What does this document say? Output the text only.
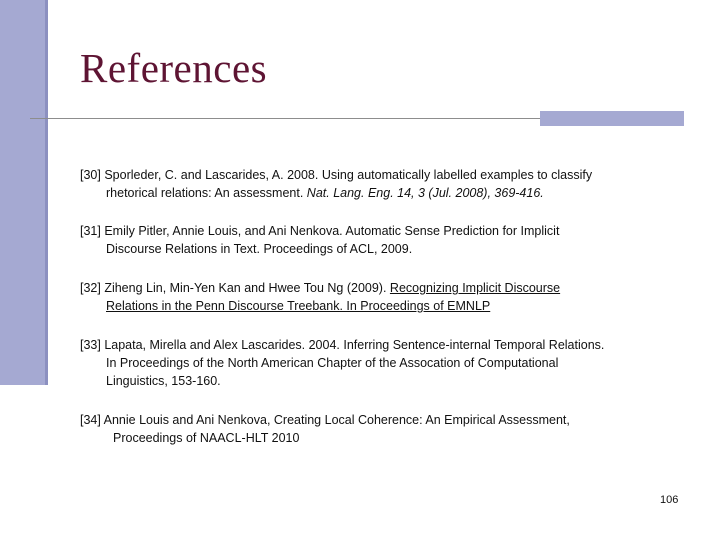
References
[30] Sporleder, C. and Lascarides, A. 2008. Using automatically labelled examples to classify
rhetorical relations: An assessment. Nat. Lang. Eng. 14, 3 (Jul. 2008), 369-416.
[31] Emily Pitler, Annie Louis, and Ani Nenkova. Automatic Sense Prediction for Implicit
Discourse Relations in Text. Proceedings of ACL, 2009.
[32] Ziheng Lin, Min-Yen Kan and Hwee Tou Ng (2009). Recognizing Implicit Discourse
Relations in the Penn Discourse Treebank. In Proceedings of EMNLP
[33] Lapata, Mirella and Alex Lascarides. 2004. Inferring Sentence-internal Temporal Relations.
In Proceedings of the North American Chapter of the Assocation of Computational
Linguistics, 153-160.
[34] Annie Louis and Ani Nenkova, Creating Local Coherence: An Empirical Assessment,
Proceedings of NAACL-HLT 2010
106
